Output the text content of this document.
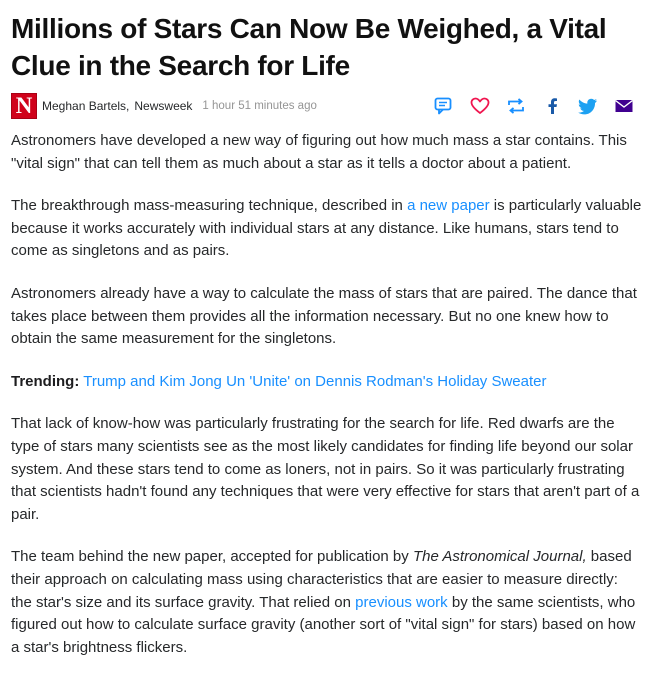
Millions of Stars Can Now Be Weighed, a Vital Clue in the Search for Life
N Meghan Bartels , Newsweek 1 hour 51 minutes ago

Astronomers have developed a new way of figuring out how much mass a star contains. This "vital sign" that can tell them as much about a star as it tells a doctor about a patient.

The breakthrough mass-measuring technique, described in a new paper is particularly valuable because it works accurately with individual stars at any distance. Like humans, stars tend to come as singletons and as pairs.

Astronomers already have a way to calculate the mass of stars that are paired. The dance that takes place between them provides all the information necessary. But no one knew how to obtain the same measurement for the singletons.

Trending: Trump and Kim Jong Un 'Unite' on Dennis Rodman's Holiday Sweater

That lack of know-how was particularly frustrating for the search for life. Red dwarfs are the type of stars many scientists see as the most likely candidates for finding life beyond our solar system. And these stars tend to come as loners, not in pairs. So it was particularly frustrating that scientists hadn't found any techniques that were very effective for stars that aren't part of a pair.

The team behind the new paper, accepted for publication by The Astronomical Journal, based their approach on calculating mass using characteristics that are easier to measure directly: the star's size and its surface gravity. That relied on previous work by the same scientists, who figured out how to calculate surface gravity (another sort of "vital sign" for stars) based on how a star's brightness flickers.
